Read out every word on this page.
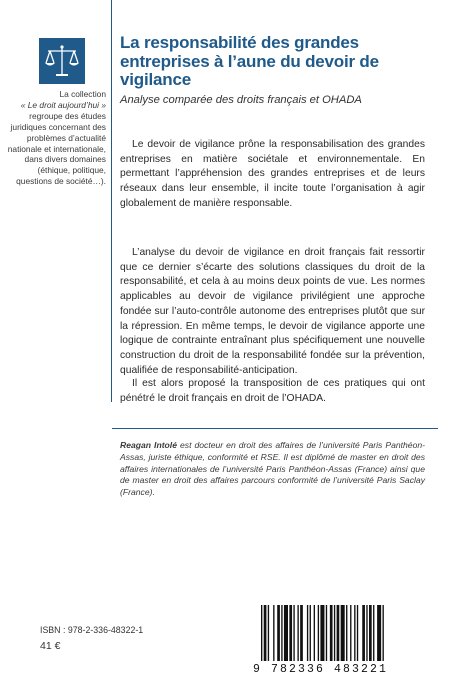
La collection
« Le droit aujourd’hui » regroupe des études juridiques concernant des problèmes d’actualité nationale et internationale, dans divers domaines (éthique, politique, questions de société…).
La responsabilité des grandes entreprises à l’aune du devoir de vigilance
Analyse comparée des droits français et OHADA

Le devoir de vigilance prône la responsabilisation des grandes entreprises en matière sociétale et environnementale. En permettant l’appréhension des grandes entreprises et de leurs réseaux dans leur ensemble, il incite toute l’organisation à agir globalement de manière responsable.

L’analyse du devoir de vigilance en droit français fait ressortir que ce dernier s’écarte des solutions classiques du droit de la responsabilité, et cela à au moins deux points de vue. Les normes applicables au devoir de vigilance privilégient une approche fondée sur l’auto-contrôle autonome des entreprises plutôt que sur la répression. En même temps, le devoir de vigilance apporte une logique de contrainte entraînant plus spécifiquement une nouvelle construction du droit de la responsabilité fondée sur la prévention, qualifiée de responsabilité-anticipation.

Il est alors proposé la transposition de ces pratiques qui ont pénétré le droit français en droit de l’OHADA.

Reagan Intolé est docteur en droit des affaires de l’université Paris Panthéon-Assas, juriste éthique, conformité et RSE. Il est diplômé de master en droit des affaires internationales de l’université Paris Panthéon-Assas (France) ainsi que de master en droit des affaires parcours conformité de l’université Paris Saclay (France).
ISBN : 978-2-336-48322-1
41 €
9 782336 483221
